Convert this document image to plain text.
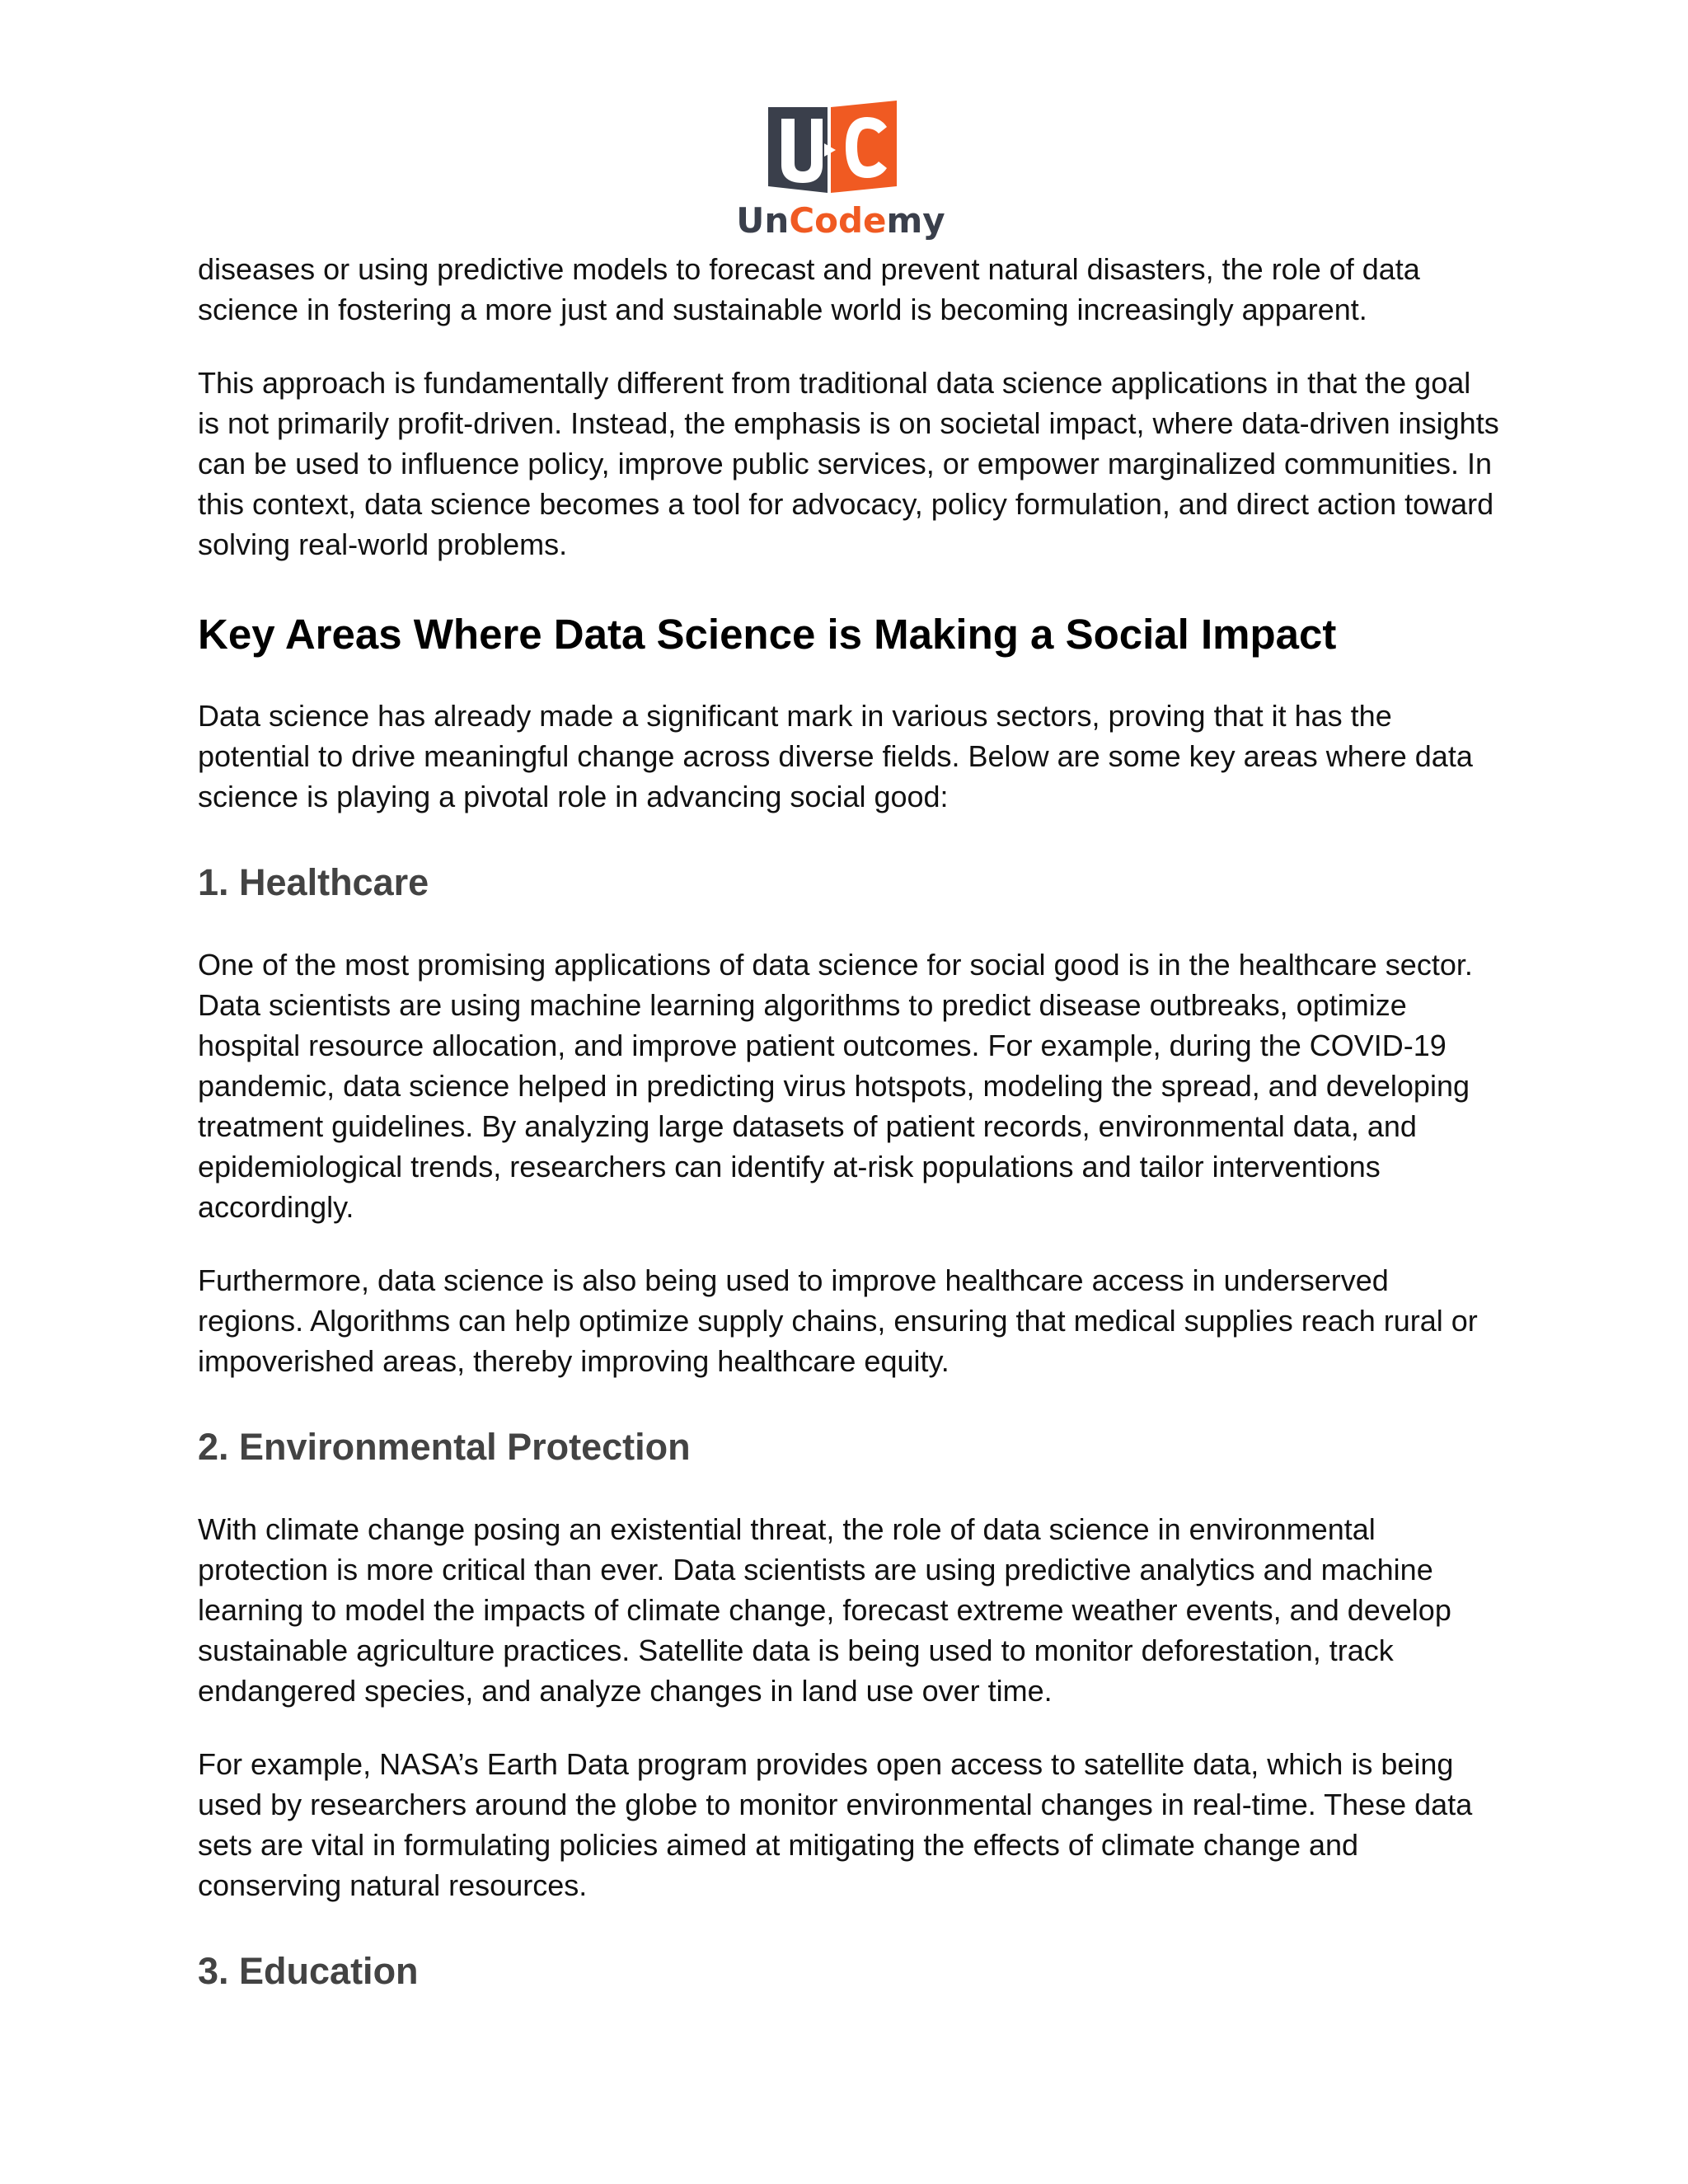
UnCodemy

diseases or using predictive models to forecast and prevent natural disasters, the role of data science in fostering a more just and sustainable world is becoming increasingly apparent.

This approach is fundamentally different from traditional data science applications in that the goal is not primarily profit-driven. Instead, the emphasis is on societal impact, where data-driven insights can be used to influence policy, improve public services, or empower marginalized communities. In this context, data science becomes a tool for advocacy, policy formulation, and direct action toward solving real-world problems.

Key Areas Where Data Science is Making a Social Impact

Data science has already made a significant mark in various sectors, proving that it has the potential to drive meaningful change across diverse fields. Below are some key areas where data science is playing a pivotal role in advancing social good:

1. Healthcare

One of the most promising applications of data science for social good is in the healthcare sector. Data scientists are using machine learning algorithms to predict disease outbreaks, optimize hospital resource allocation, and improve patient outcomes. For example, during the COVID-19 pandemic, data science helped in predicting virus hotspots, modeling the spread, and developing treatment guidelines. By analyzing large datasets of patient records, environmental data, and epidemiological trends, researchers can identify at-risk populations and tailor interventions accordingly.

Furthermore, data science is also being used to improve healthcare access in underserved regions. Algorithms can help optimize supply chains, ensuring that medical supplies reach rural or impoverished areas, thereby improving healthcare equity.

2. Environmental Protection

With climate change posing an existential threat, the role of data science in environmental protection is more critical than ever. Data scientists are using predictive analytics and machine learning to model the impacts of climate change, forecast extreme weather events, and develop sustainable agriculture practices. Satellite data is being used to monitor deforestation, track endangered species, and analyze changes in land use over time.

For example, NASA’s Earth Data program provides open access to satellite data, which is being used by researchers around the globe to monitor environmental changes in real-time. These data sets are vital in formulating policies aimed at mitigating the effects of climate change and conserving natural resources.

3. Education
